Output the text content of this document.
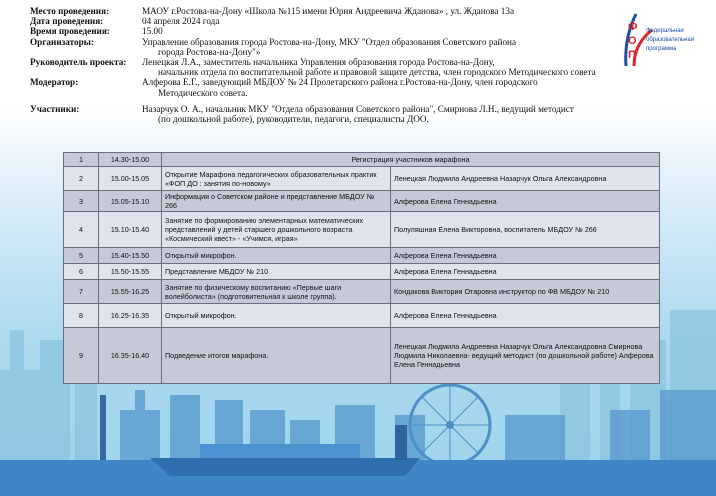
Место проведения:	МАОУ г.Ростова-на-Дону «Школа №115 имени Юрия Андреевича Жданова» , ул. Жданова 13а
Дата проведения:	04 апреля 2024 года
Время проведения:	15.00
Организаторы:	Управление образования города Ростова-на-Дону, МКУ "Отдел образования Советского района
города Ростова-на-Дону"»
Руководитель проекта:	Ленецкая Л.А., заместитель начальника Управления образования города Ростова-на-Дону,
начальник отдела по воспитательной работе и правовой защите детства, член городского Методического совета
Модератор:	Алферова Е.Г., заведующий МБДОУ № 24 Пролетарского района г.Ростова-на-Дону, член городского
Методического совета.
Участники:	Назарчук О. А., начальник МКУ "Отдела образования Советского района", Смирнова Л.Н., ведущий методист
(по дошкольной работе), руководители, педагоги, специалисты ДОО.
Ф
О
П
Федеральная
образовательная
программа
1	14.30-15.00	Регистрация участников марафона	
2	15.00-15.05	Открытие Марафона педагогических образовательных практик «ФОП ДО : занятия по-новому»	Ленецкая Людмила Андреевна Назарчук Ольга Александровна
3	15.05-15.10	Информация о Советском районе и представление МБДОУ № 266	Алферова Елена Геннадьевна
4	15.10-15.40	Занятие по формированию элементарных математических представлений у детей старшего дошкольного возраста «Космический квест» - «Учимся, играя»	Полуляшная Елена Викторовна, воспитатель МБДОУ № 266
5	15.40-15.50	Открытый микрофон.	Алферова Елена Геннадьевна
6	15.50-15.55	Представление МБДОУ № 210	Алферова Елена Геннадьевна
7	15.55-16.25	Занятие по физическому воспитанию «Первые шаги волейболиста» (подготовительная к школе группа).	Кондакова Виктория Отаровна инструктор по ФВ МБДОУ № 210
8	16.25-16.35	Открытый микрофон.	Алферова Елена Геннадьевна
9	16.35-16.40	Подведение итогов марафона.	Ленецкая Людмила Андреевна Назарчук Ольга Александровна Смирнова Людмила Николаевна- ведущий методист (по дошкольной работе) Алферова Елена Геннадьевна
